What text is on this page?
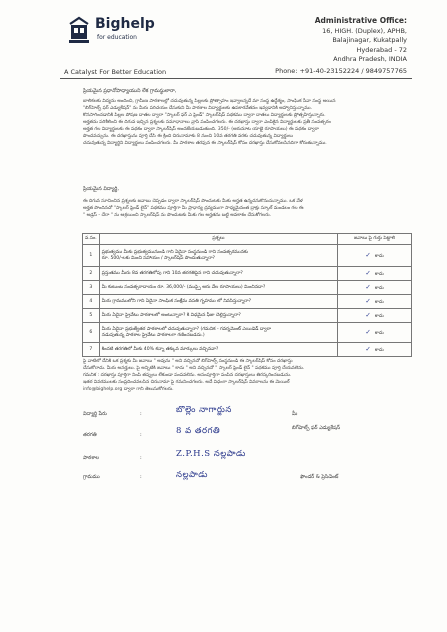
Bighelp
for education
A Catalyst For Better Education
Administrative Office:
16, HIGH. (Duplex), APHB,
Balajinagar, Kukatpally
Hyderabad - 72
Andhra Pradesh, INDIA
Phone: +91-40-23152224 / 9849757765
ప్రియమైన ప్రధానోపాధ్యాయుని లేక గ్రామస్థులారా,
బాలికలకు విద్యను అందించి, గ్రామీణ పాఠశాలల్లో చదువుతున్న పిల్లలకు ప్రోత్సాహం ఇవ్వాలన్నదే మా సంస్థ ఉద్దేశ్యం, సాంఘిక సేవా సంస్థ అయిన
"బిగ్‌హెల్ప్ ఫర్ ఎడ్యుకేషన్" ను మీరు పరిచయం చేసుకుని మీ పాఠశాల విద్యార్థులకు ఉపకారవేతనం ఇవ్వడానికి ఆహ్వానిస్తున్నాము.
కొనసాగించడానికి పిల్లల పోషణ దాతల ద్వారా "స్కాలర్ ఫర్ ఎ ఫ్రెండ్" స్కాలర్‌షిప్ పథకము ద్వారా దాతలు విద్యార్థులకు ప్రోత్సహిస్తున్నారు.
అర్హతను పరిశీలించి ఈ దిగువ ఇచ్చిన ప్రశ్నలకు సమాధానాలు వ్రాసి పంపించగలరు. ఈ దరఖాస్తు ద్వారా ఎంపికైన విద్యార్థులకు ప్రతీ సంవత్సరం
అర్హత గల విద్యార్థులకు ఈ పథకం ద్వారా స్కాలర్‌షిప్ అందజేయబడుతుంది. 350/- (ఆరునూట యాభై రూపాయలు) ఈ పథకం ద్వారా
పొందవచ్చును. ఈ దరఖాస్తును పూర్తి చేసి ఈ క్రింది చిరునామాకు 8 నుంచి 10వ తరగతి వరకు చదువుతున్న విద్యార్థులు
చదువుతున్న విద్యార్థిని విద్యార్థులు పంపించగలరు. మీ పాఠశాల తరఫున ఈ స్కాలర్‌షిప్ కోసం దరఖాస్తు చేసుకోవలసినదిగా కోరుతున్నాము.
ప్రియమైన విద్యార్థి,
ఈ దిగువ సూచించిన ప్రశ్నలకు జవాబు చెప్పడం ద్వారా స్కాలర్‌షిప్ పొందుటకు మీకు అర్హత ఉన్నదనుకొనుచున్నాము. ఒక వేళ
అర్హత పొందినచో "స్కాలర్ ఫ్రెండ్ లైన్" పథకము పూర్తిగా మీ ప్రాధాన్య ద్రవ్యముగా సాధ్యమైనంత ద్రాక్షు స్కూల్ మండలం గల ఈ
" అడ్రస్ - చేరా " ను ఆశ్రయించి స్కాలర్‌షిప్ ను పొందుటకు మీకు గల అర్హతను బట్టి అవకాశం చేసుకోగలరు.
వ.సం.	ప్రశ్నలు	జవాబు పై గుర్తు పెట్టాలి
1	ప్రభుత్వము మీకు ప్రభుత్వమునుండి గాని ఏదైనా సంస్థనుండి గాని సంవత్సరమునకు
రూ. 500/-లకు మించి సహాయం / స్కాలర్‌షిప్ పొందుతున్నారా?	✓ కాదు
2	ప్రస్తుతము మీరు 8వ తరగతిలోపు గాని 10వ తరగతిపైన గాని చదువుతున్నారా?	✓ కాదు
3	మీ కుటుంబ సంవత్సరాదాయం రూ. 36,000/- (ముప్పై ఆరు వేల రూపాయలు) మించినదా?	✓ కాదు
4	మీరు గ్రామములోని గాని ఏదైనా సాంఘిక సంక్షేమ వసతి గృహము లో నివసిస్తున్నారా?	✓ కాదు
5	మీరు ఏదైనా ప్రైవేటు పాఠశాలలో అంటున్నారా? కి విధమైన ఫీజు చెల్లిస్తున్నారా?	✓ కాదు
6	మీరు ఏదైనా ప్రభుత్వేతర పాఠశాలలో చదువుతున్నారా? (గమనిక - గవర్నమెంట్ ఎయిడెడ్ ద్వారా
నడుపుతున్న పాఠశాల ప్రైవేటు పాఠశాలగా గణించబడదు.)	✓ కాదు
7	కిందటి తరగతిలో మీకు 40% కన్నా తక్కువ మార్కులు వచ్చినవా?	✓ కాదు
పై వాటిలో దేనికి ఒక ప్రశ్నకు మీ జవాబు " అవును " అని వచ్చినచో బిగ్‌హెల్ప్ సంస్థనుండి ఈ స్కాలర్‌షిప్ కోసం దరఖాస్తు
చేసుకోరాదు. మీరు అనర్హులు. పై అన్నిటికి జవాబు " కాదు " అని వచ్చినచో " స్కాలర్ ఫ్రెండ్ లైన్ " పథకము పూర్తి చేయవలెను.
గమనిక : దరఖాస్తు పూర్తిగా నింపి తప్పులు లేకుండా పంపవలెను. అసంపూర్తిగా పంపిన దరఖాస్తులు తిరస్కరించబడును.
ఇతర వివరములకు సంప్రదించవలసిన చిరునామా పై గమనించగలరు. అదే విధంగా స్కాలర్‌షిప్ వివరాలను ఈ మెయిల్
info@bighelp.org ద్వారా గాని తెలుసుకోగలరు.
విద్యార్థి పేరు	:	బొల్లెం నాగార్జున	మీ
తరగతి	:	8 వ తరగతి	బిగ్‌హెల్ప్ ఫర్ ఎడ్యుకేషన్
పాఠశాల	:	Z.P.H.S నల్లపాడు
గ్రామము	:	నల్లపాడు	ఫౌండర్ & ప్రెసిడెంట్
